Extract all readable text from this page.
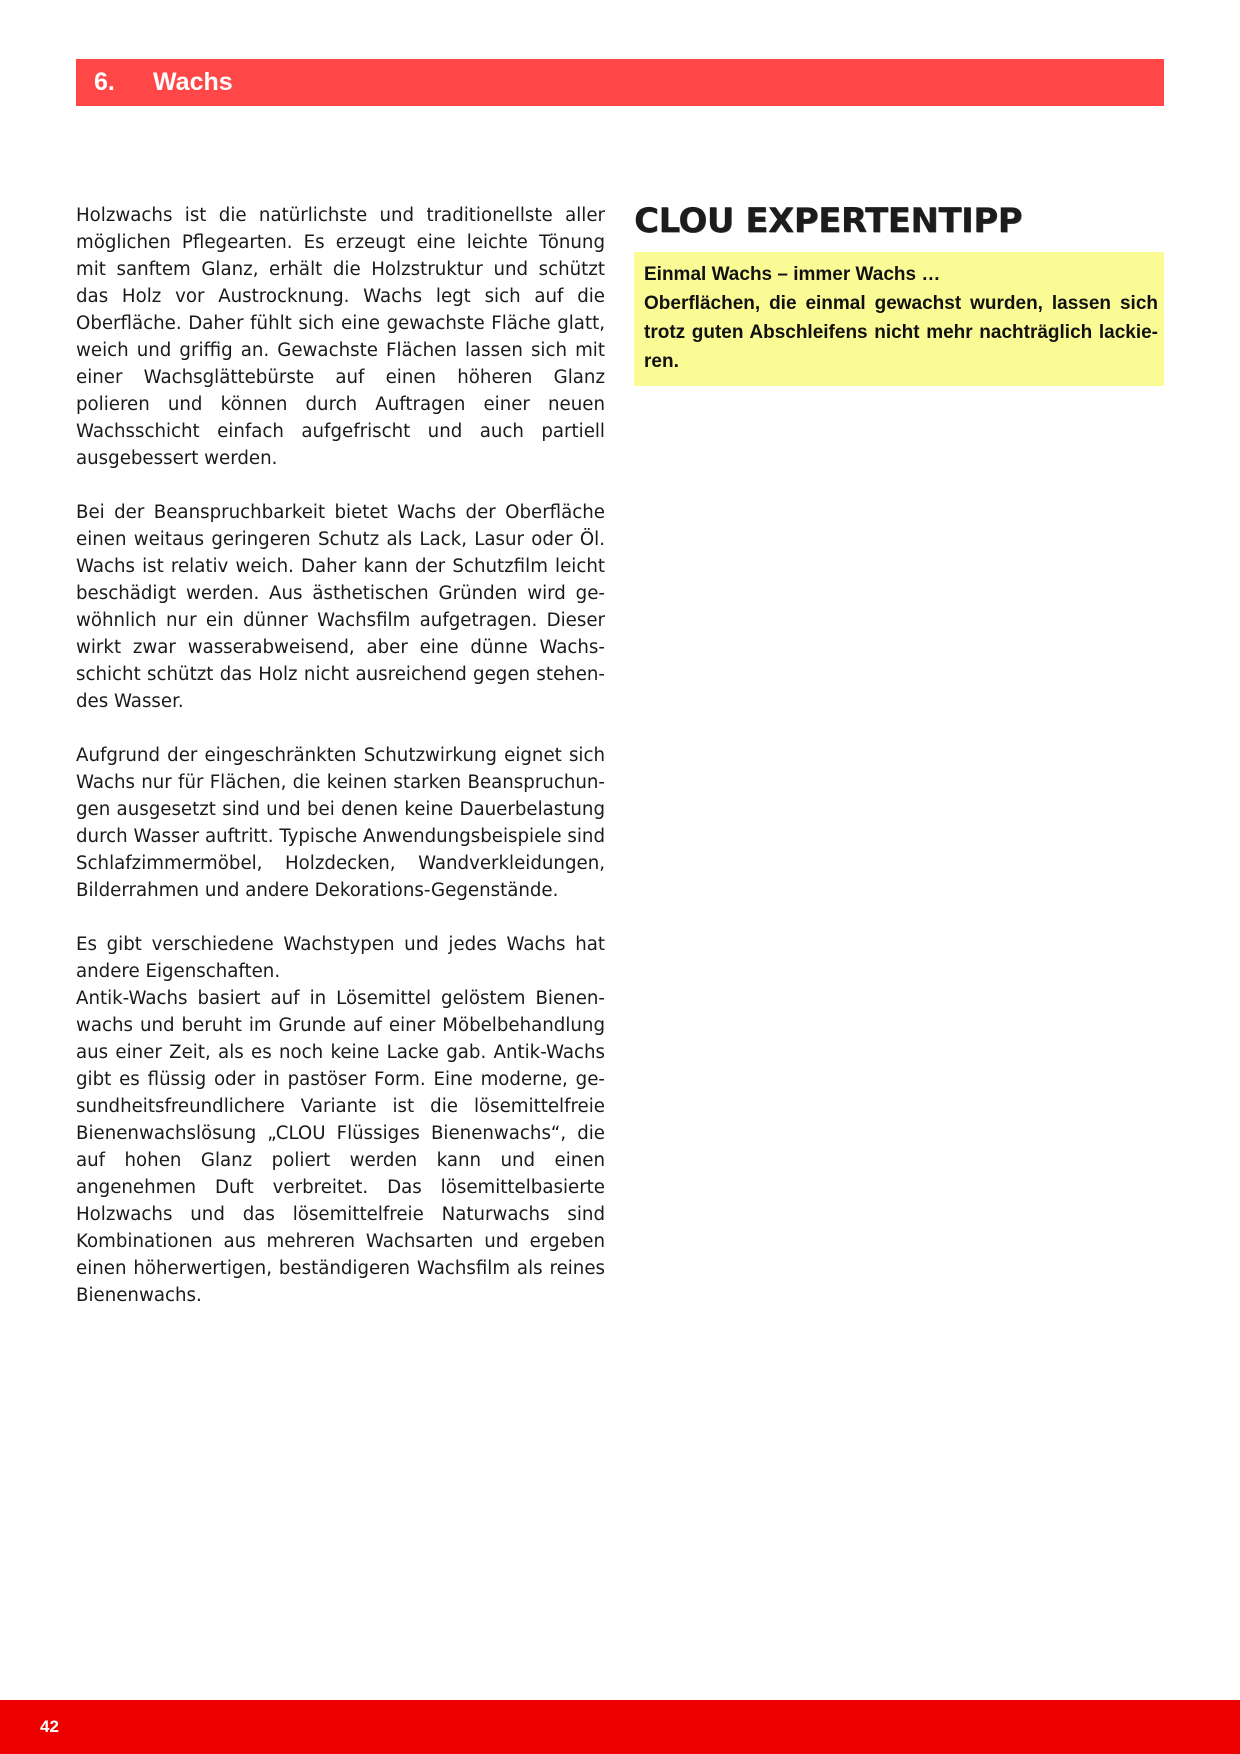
6. Wachs

Holzwachs ist die natürlichste und traditionellste aller möglichen Pflegearten. Es erzeugt eine leichte Tönung mit sanftem Glanz, erhält die Holzstruktur und schützt das Holz vor Austrocknung. Wachs legt sich auf die Oberfläche. Daher fühlt sich eine gewachste Fläche glatt, weich und griffig an. Gewachste Flächen lassen sich mit einer Wachsglättebürste auf einen höheren Glanz polieren und können durch Auftragen einer neuen Wachsschicht einfach aufgefrischt und auch partiell ausgebessert werden.

Bei der Beanspruchbarkeit bietet Wachs der Oberfläche einen weitaus geringeren Schutz als Lack, Lasur oder Öl. Wachs ist relativ weich. Daher kann der Schutzfilm leicht beschädigt werden. Aus ästhetischen Gründen wird gewöhnlich nur ein dünner Wachsfilm aufgetragen. Dieser wirkt zwar wasserabweisend, aber eine dünne Wachsschicht schützt das Holz nicht ausreichend gegen stehendes Wasser.

Aufgrund der eingeschränkten Schutzwirkung eignet sich Wachs nur für Flächen, die keinen starken Beanspruchungen ausgesetzt sind und bei denen keine Dauerbelastung durch Wasser auftritt. Typische Anwendungsbeispiele sind Schlafzimmermöbel, Holzdecken, Wandverkleidungen, Bilderrahmen und andere Dekorations-Gegenstände.

Es gibt verschiedene Wachstypen und jedes Wachs hat andere Eigenschaften.

Antik-Wachs basiert auf in Lösemittel gelöstem Bienenwachs und beruht im Grunde auf einer Möbelbehandlung aus einer Zeit, als es noch keine Lacke gab. Antik-Wachs gibt es flüssig oder in pastöser Form. Eine moderne, gesundheitsfreundlichere Variante ist die lösemittelfreie Bienenwachslösung „CLOU Flüssiges Bienenwachs“, die auf hohen Glanz poliert werden kann und einen angenehmen Duft verbreitet. Das lösemittelbasierte Holzwachs und das lösemittelfreie Naturwachs sind Kombinationen aus mehreren Wachsarten und ergeben einen höherwertigen, beständigeren Wachsfilm als reines Bienenwachs.

CLOU EXPERTENTIPP
Einmal Wachs – immer Wachs …
Oberflächen, die einmal gewachst wurden, lassen sich trotz guten Abschleifens nicht mehr nachträglich lackieren.
42
